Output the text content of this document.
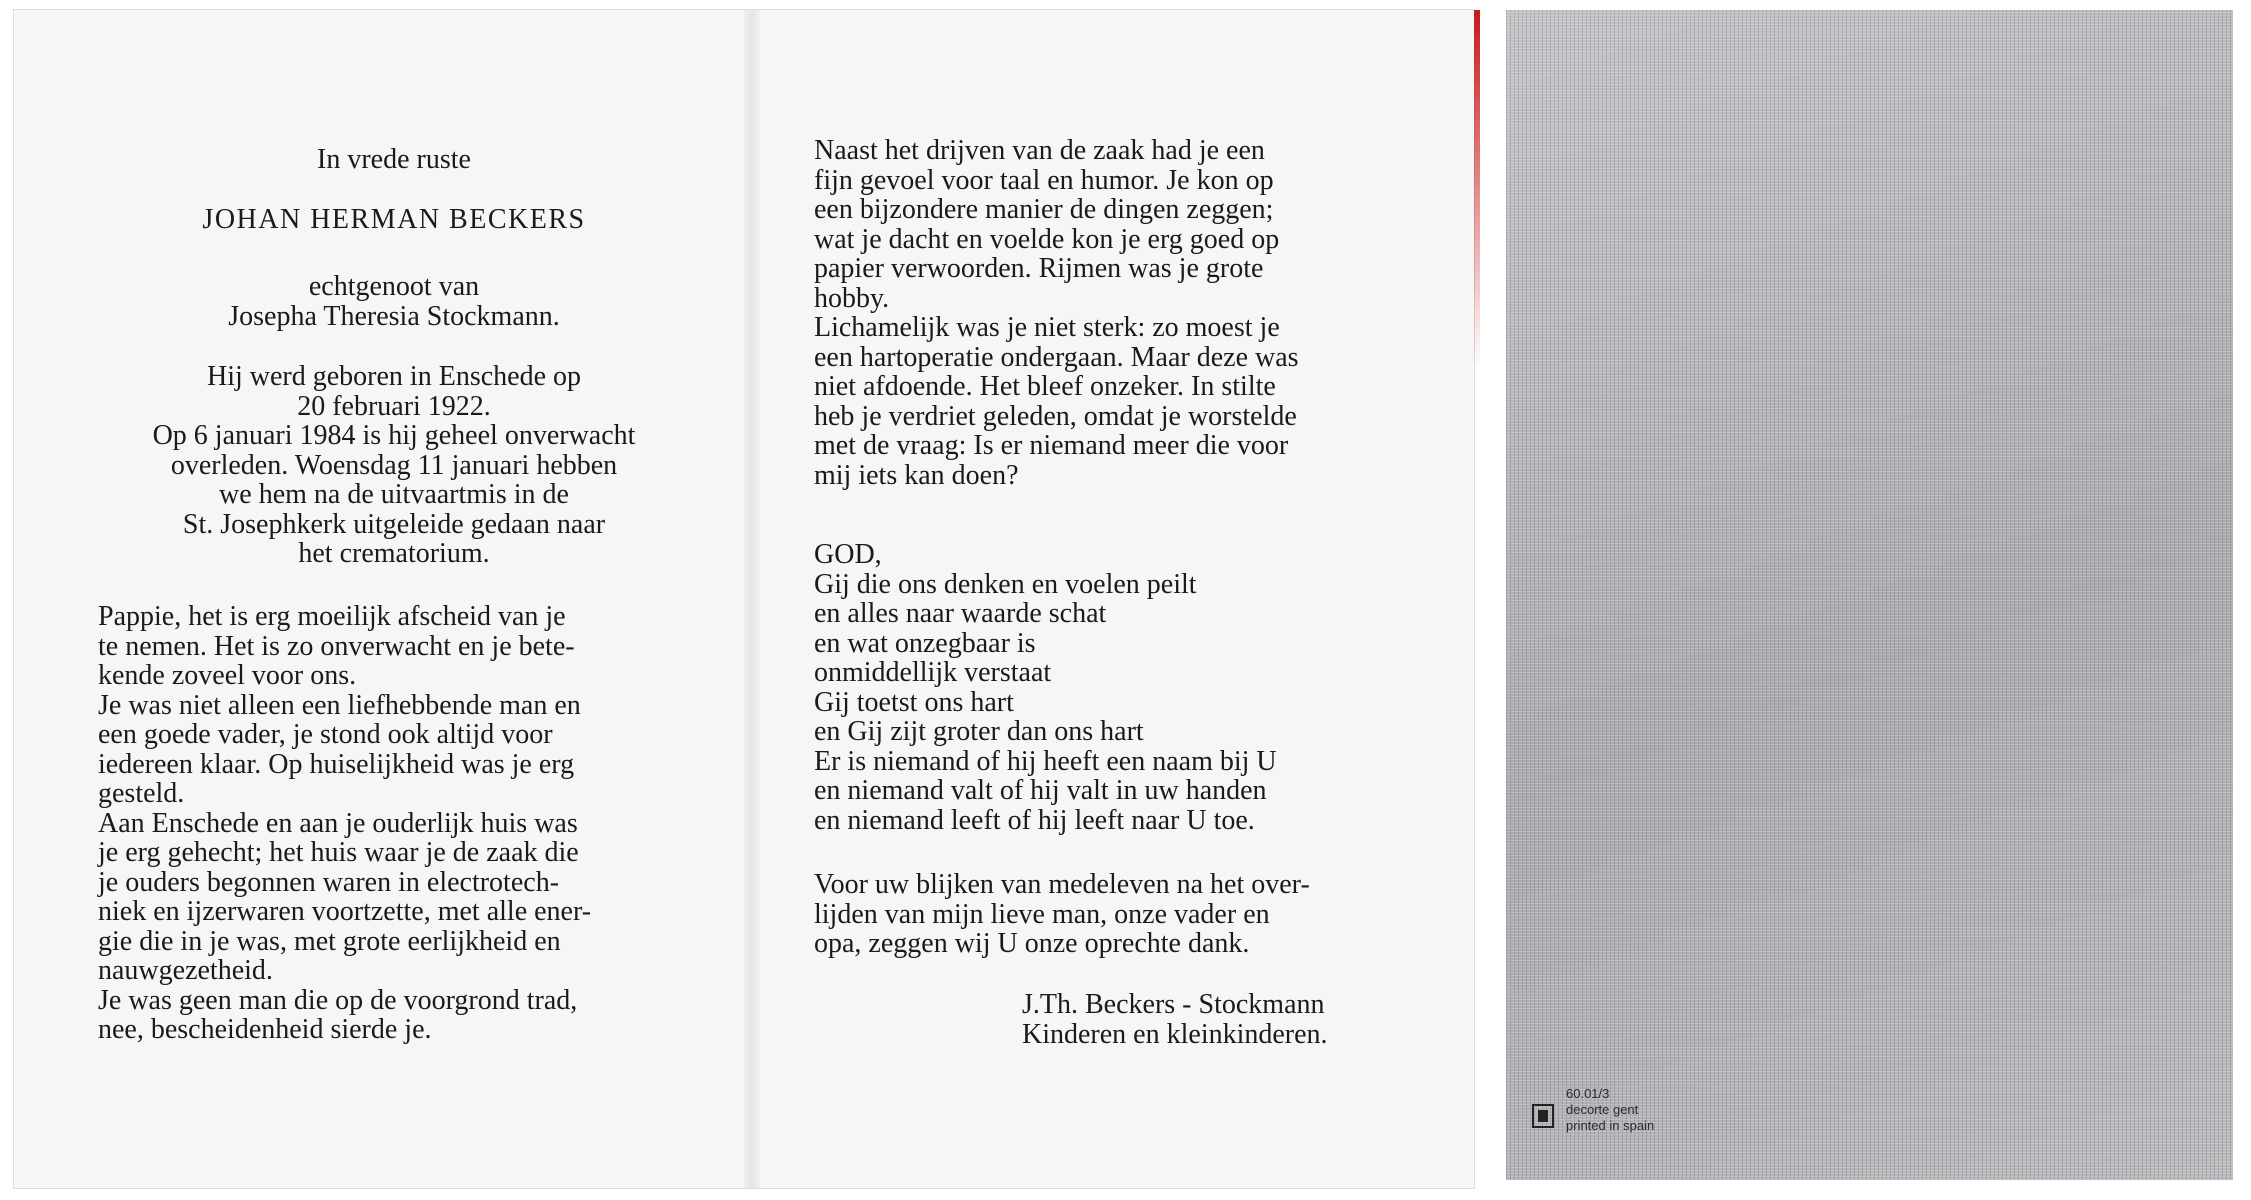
In vrede ruste

JOHAN HERMAN BECKERS

echtgenoot van

Josepha Theresia Stockmann.

Hij werd geboren in Enschede op

20 februari 1922.

Op 6 januari 1984 is hij geheel onverwacht

overleden. Woensdag 11 januari hebben

we hem na de uitvaartmis in de

St. Josephkerk uitgeleide gedaan naar

het crematorium.

Pappie, het is erg moeilijk afscheid van je

te nemen. Het is zo onverwacht en je bete-

kende zoveel voor ons.

Je was niet alleen een liefhebbende man en

een goede vader, je stond ook altijd voor

iedereen klaar. Op huiselijkheid was je erg

gesteld.

Aan Enschede en aan je ouderlijk huis was

je erg gehecht; het huis waar je de zaak die

je ouders begonnen waren in electrotech-

niek en ijzerwaren voortzette, met alle ener-

gie die in je was, met grote eerlijkheid en

nauwgezetheid.

Je was geen man die op de voorgrond trad,

nee, bescheidenheid sierde je.

Naast het drijven van de zaak had je een

fijn gevoel voor taal en humor. Je kon op

een bijzondere manier de dingen zeggen;

wat je dacht en voelde kon je erg goed op

papier verwoorden. Rijmen was je grote

hobby.

Lichamelijk was je niet sterk: zo moest je

een hartoperatie ondergaan. Maar deze was

niet afdoende. Het bleef onzeker. In stilte

heb je verdriet geleden, omdat je worstelde

met de vraag: Is er niemand meer die voor

mij iets kan doen?

GOD,

Gij die ons denken en voelen peilt

en alles naar waarde schat

en wat onzegbaar is

onmiddellijk verstaat

Gij toetst ons hart

en Gij zijt groter dan ons hart

Er is niemand of hij heeft een naam bij U

en niemand valt of hij valt in uw handen

en niemand leeft of hij leeft naar U toe.

Voor uw blijken van medeleven na het over-

lijden van mijn lieve man, onze vader en

opa, zeggen wij U onze oprechte dank.

J.Th. Beckers - Stockmann

Kinderen en kleinkinderen.

60.01/3
decorte gent
printed in spain
